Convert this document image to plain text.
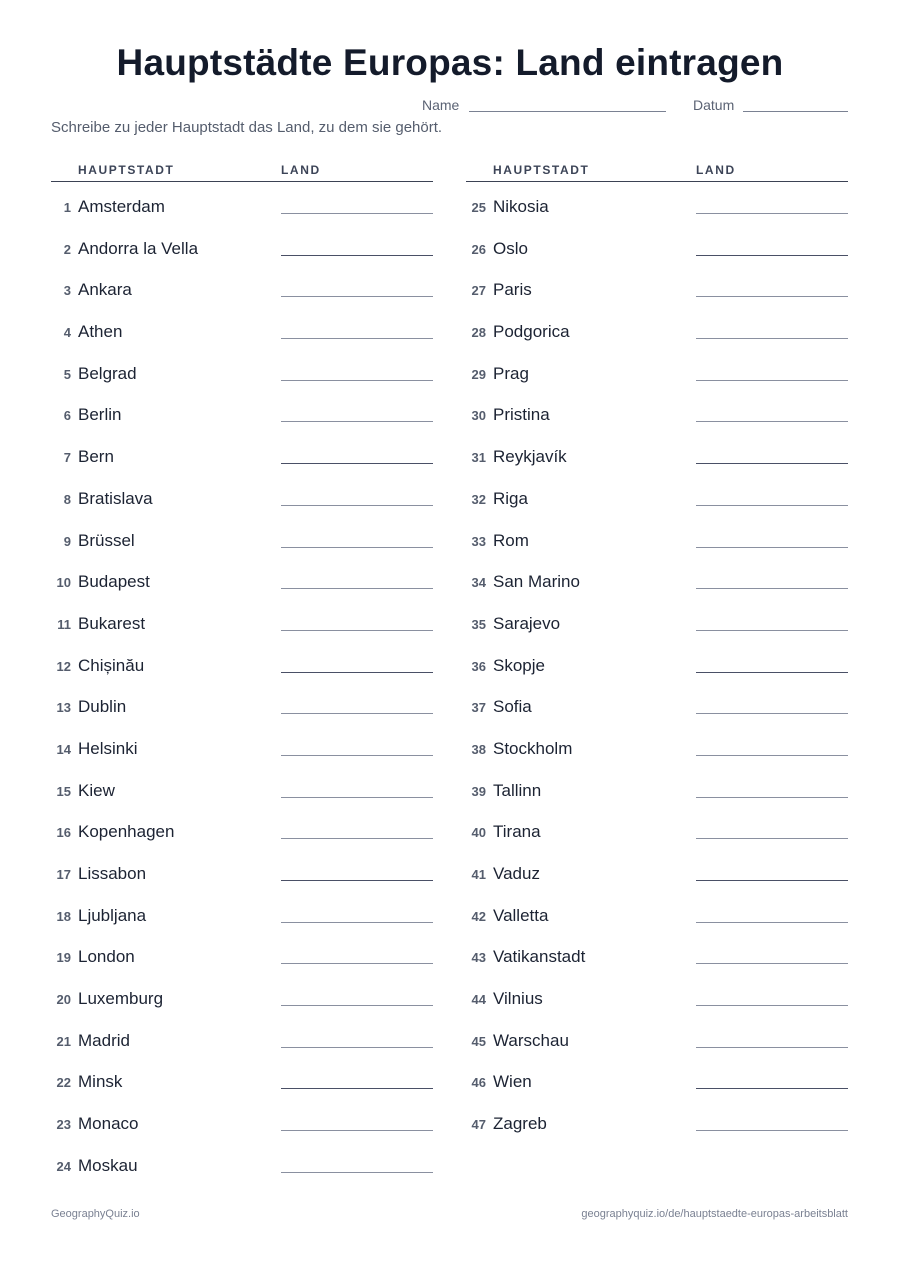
Hauptstädte Europas: Land eintragen
Name	Datum
Schreibe zu jeder Hauptstadt das Land, zu dem sie gehört.
HAUPTSTADT	LAND
1 Amsterdam
2 Andorra la Vella
3 Ankara
4 Athen
5 Belgrad
6 Berlin
7 Bern
8 Bratislava
9 Brüssel
10 Budapest
11 Bukarest
12 Chișinău
13 Dublin
14 Helsinki
15 Kiew
16 Kopenhagen
17 Lissabon
18 Ljubljana
19 London
20 Luxemburg
21 Madrid
22 Minsk
23 Monaco
24 Moskau
HAUPTSTADT	LAND
25 Nikosia
26 Oslo
27 Paris
28 Podgorica
29 Prag
30 Pristina
31 Reykjavík
32 Riga
33 Rom
34 San Marino
35 Sarajevo
36 Skopje
37 Sofia
38 Stockholm
39 Tallinn
40 Tirana
41 Vaduz
42 Valletta
43 Vatikanstadt
44 Vilnius
45 Warschau
46 Wien
47 Zagreb
GeographyQuiz.io	geographyquiz.io/de/hauptstaedte-europas-arbeitsblatt
